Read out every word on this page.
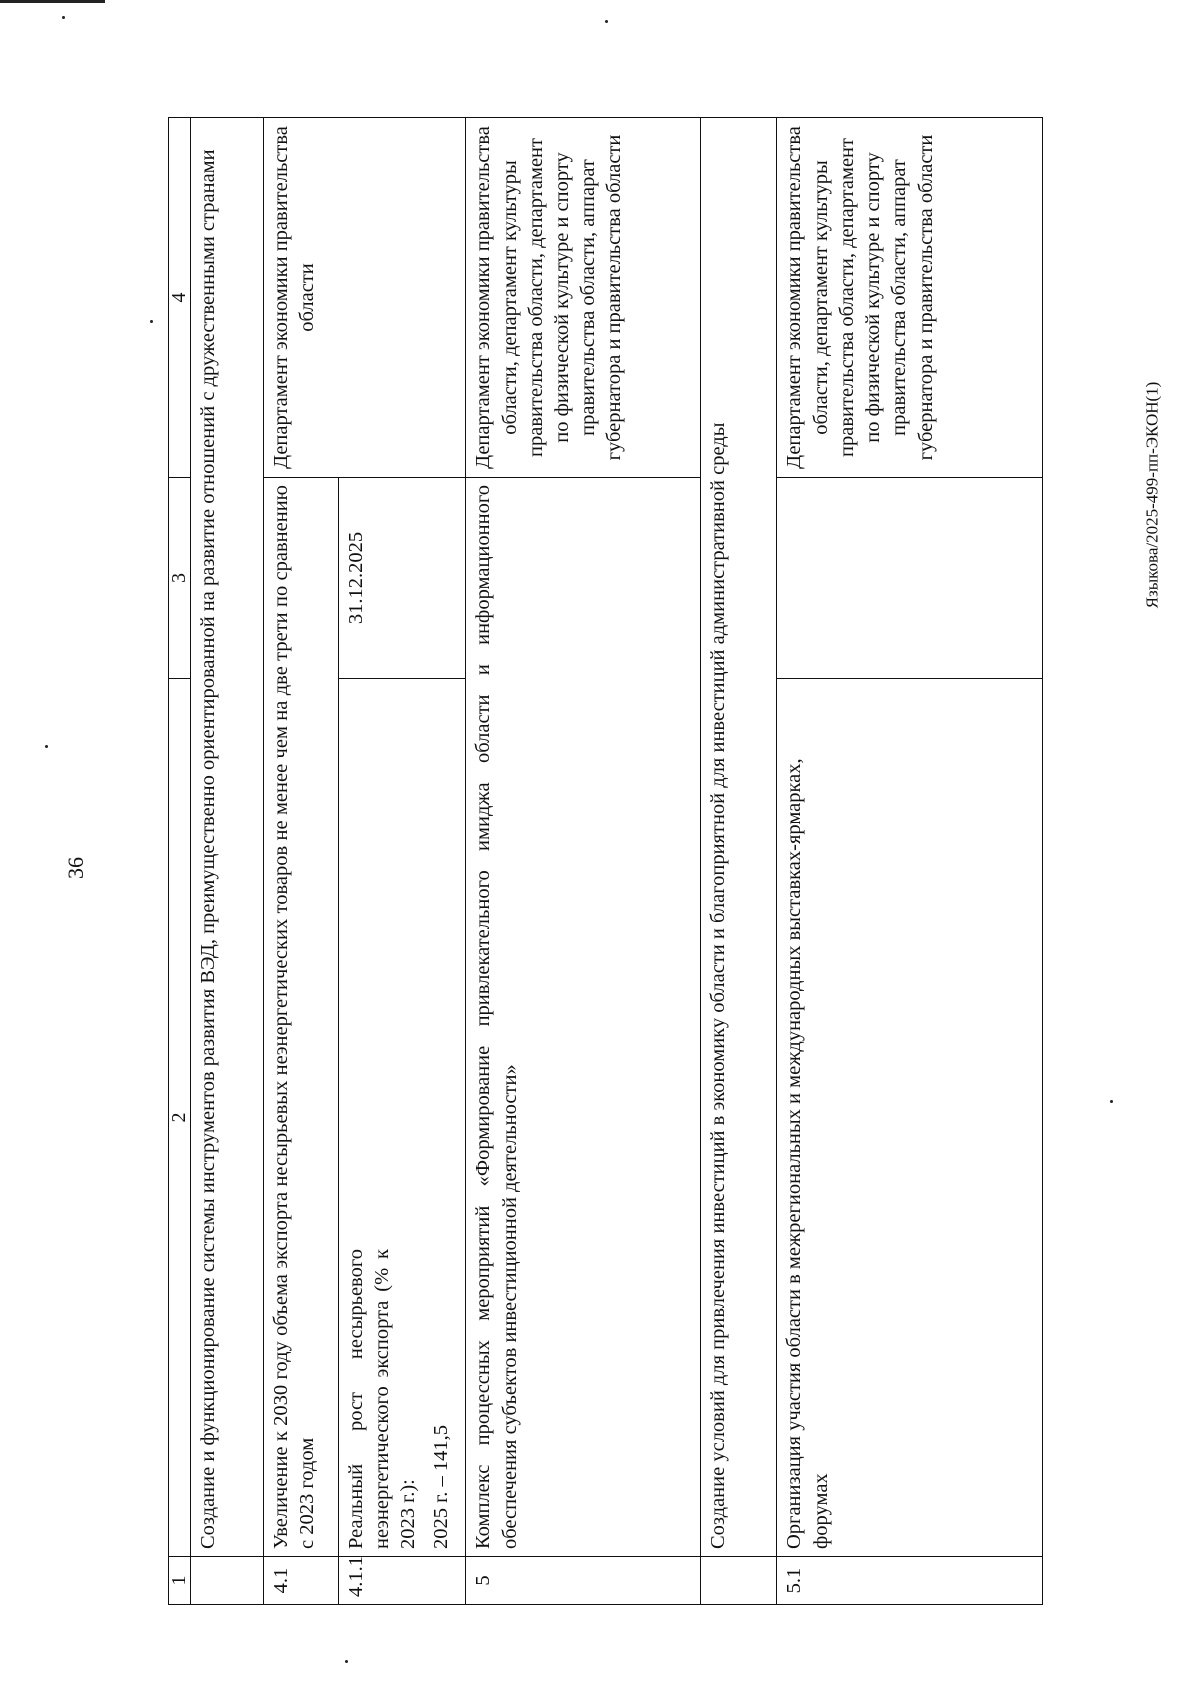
36
Языкова/2025-499-пп-ЭКОН(1)
1	2	3	4
	Создание и функционирование системы инструментов развития ВЭД, преимущественно ориентированной на развитие отношений с дружественными странами		
4.1	Увеличение к 2030 году объема экспорта несырьевых неэнергетических товаров не менее чем на две трети по сравнению с 2023 годом		Департамент экономики правительства области
4.1.1	Реальный рост несырьевого неэнергетического экспорта (% к 2023 г.): 2025 г. – 141,5	31.12.2025	
5	Комплекс процессных мероприятий «Формирование привлекательного имиджа области и информационного обеспечения субъектов инвестиционной деятельности»		Департамент экономики правительства области, департамент культуры правительства области, департамент по физической культуре и спорту правительства области, аппарат губернатора и правительства области
	Создание условий для привлечения инвестиций в экономику области и благоприятной для инвестиций административной среды		
5.1	Организация участия области в межрегиональных и международных выставках-ярмарках, форумах		Департамент экономики правительства области, департамент культуры правительства области, департамент по физической культуре и спорту правительства области, аппарат губернатора и правительства области
